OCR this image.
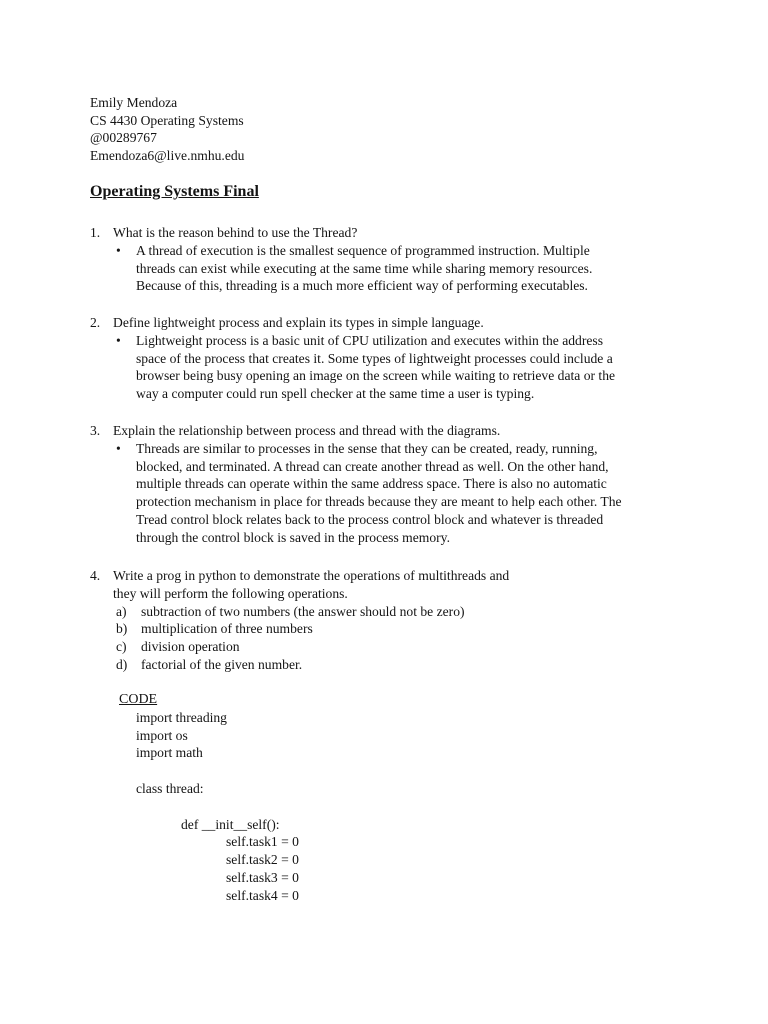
Emily Mendoza
CS 4430 Operating Systems
@00289767
Emendoza6@live.nmhu.edu
Operating Systems Final
1. What is the reason behind to use the Thread?
• A thread of execution is the smallest sequence of programmed instruction. Multiple
threads can exist while executing at the same time while sharing memory resources.
Because of this, threading is a much more efficient way of performing executables.
2. Define lightweight process and explain its types in simple language.
• Lightweight process is a basic unit of CPU utilization and executes within the address
space of the process that creates it. Some types of lightweight processes could include a
browser being busy opening an image on the screen while waiting to retrieve data or the
way a computer could run spell checker at the same time a user is typing.
3. Explain the relationship between process and thread with the diagrams.
• Threads are similar to processes in the sense that they can be created, ready, running,
blocked, and terminated. A thread can create another thread as well. On the other hand,
multiple threads can operate within the same address space. There is also no automatic
protection mechanism in place for threads because they are meant to help each other. The
Tread control block relates back to the process control block and whatever is threaded
through the control block is saved in the process memory.
4. Write a prog in python to demonstrate the operations of multithreads and
they will perform the following operations.
a) subtraction of two numbers (the answer should not be zero)
b) multiplication of three numbers
c) division operation
d) factorial of the given number.
CODE
import threading
import os
import math
class thread:
def __init__self():
self.task1 = 0
self.task2 = 0
self.task3 = 0
self.task4 = 0
